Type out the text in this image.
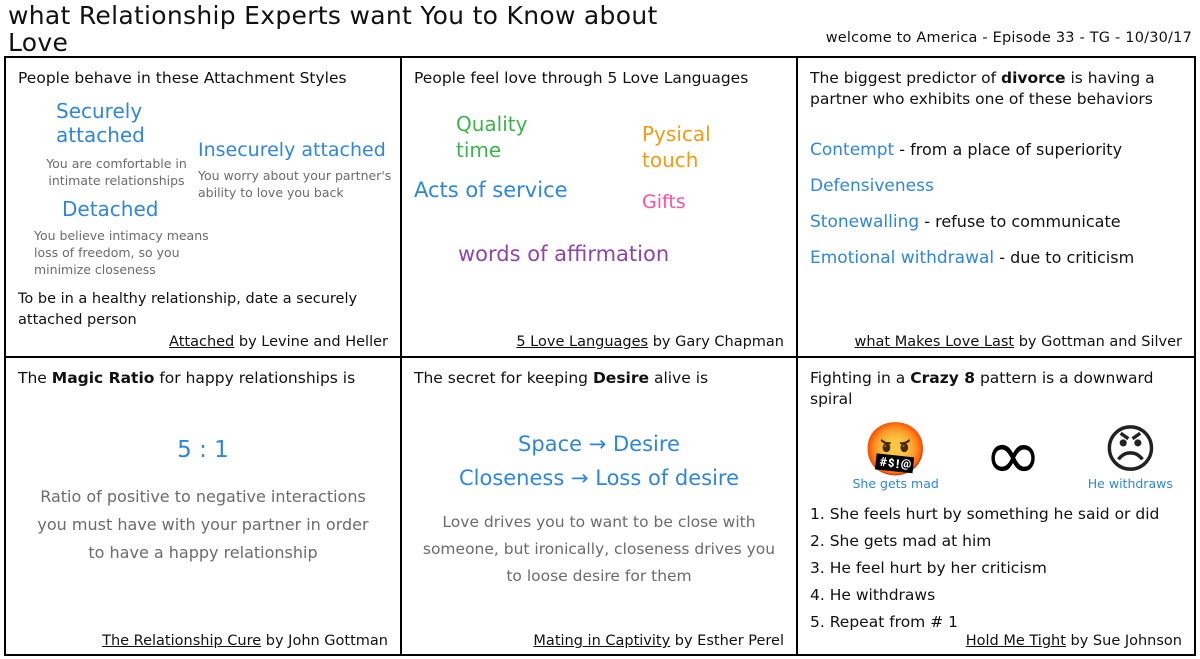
what Relationship Experts want You to Know about Love	welcome to America - Episode 33 - TG - 10/30/17
People behave in these Attachment Styles
Securely attached
You are comfortable in intimate relationships
Insecurely attached
You worry about your partner's ability to love you back
Detached
You believe intimacy means loss of freedom, so you minimize closeness
To be in a healthy relationship, date a securely attached person
Attached by Levine and Heller
People feel love through 5 Love Languages
Quality time
Pysical touch
Acts of service	Gifts
words of affirmation
5 Love Languages by Gary Chapman
The biggest predictor of divorce is having a partner who exhibits one of these behaviors
Contempt - from a place of superiority
Defensiveness
Stonewalling - refuse to communicate
Emotional withdrawal - due to criticism
what Makes Love Last by Gottman and Silver
The Magic Ratio for happy relationships is
5 : 1
Ratio of positive to negative interactions you must have with your partner in order to have a happy relationship
The Relationship Cure by John Gottman
The secret for keeping Desire alive is
Space → Desire
Closeness → Loss of desire
Love drives you to want to be close with someone, but ironically, closeness drives you to loose desire for them
Mating in Captivity by Esther Perel
Fighting in a Crazy 8 pattern is a downward spiral
🤬
She gets mad ∞	😠
He withdraws
1. She feels hurt by something he said or did
2. She gets mad at him
3. He feel hurt by her criticism
4. He withdraws
5. Repeat from # 1
Hold Me Tight by Sue Johnson
